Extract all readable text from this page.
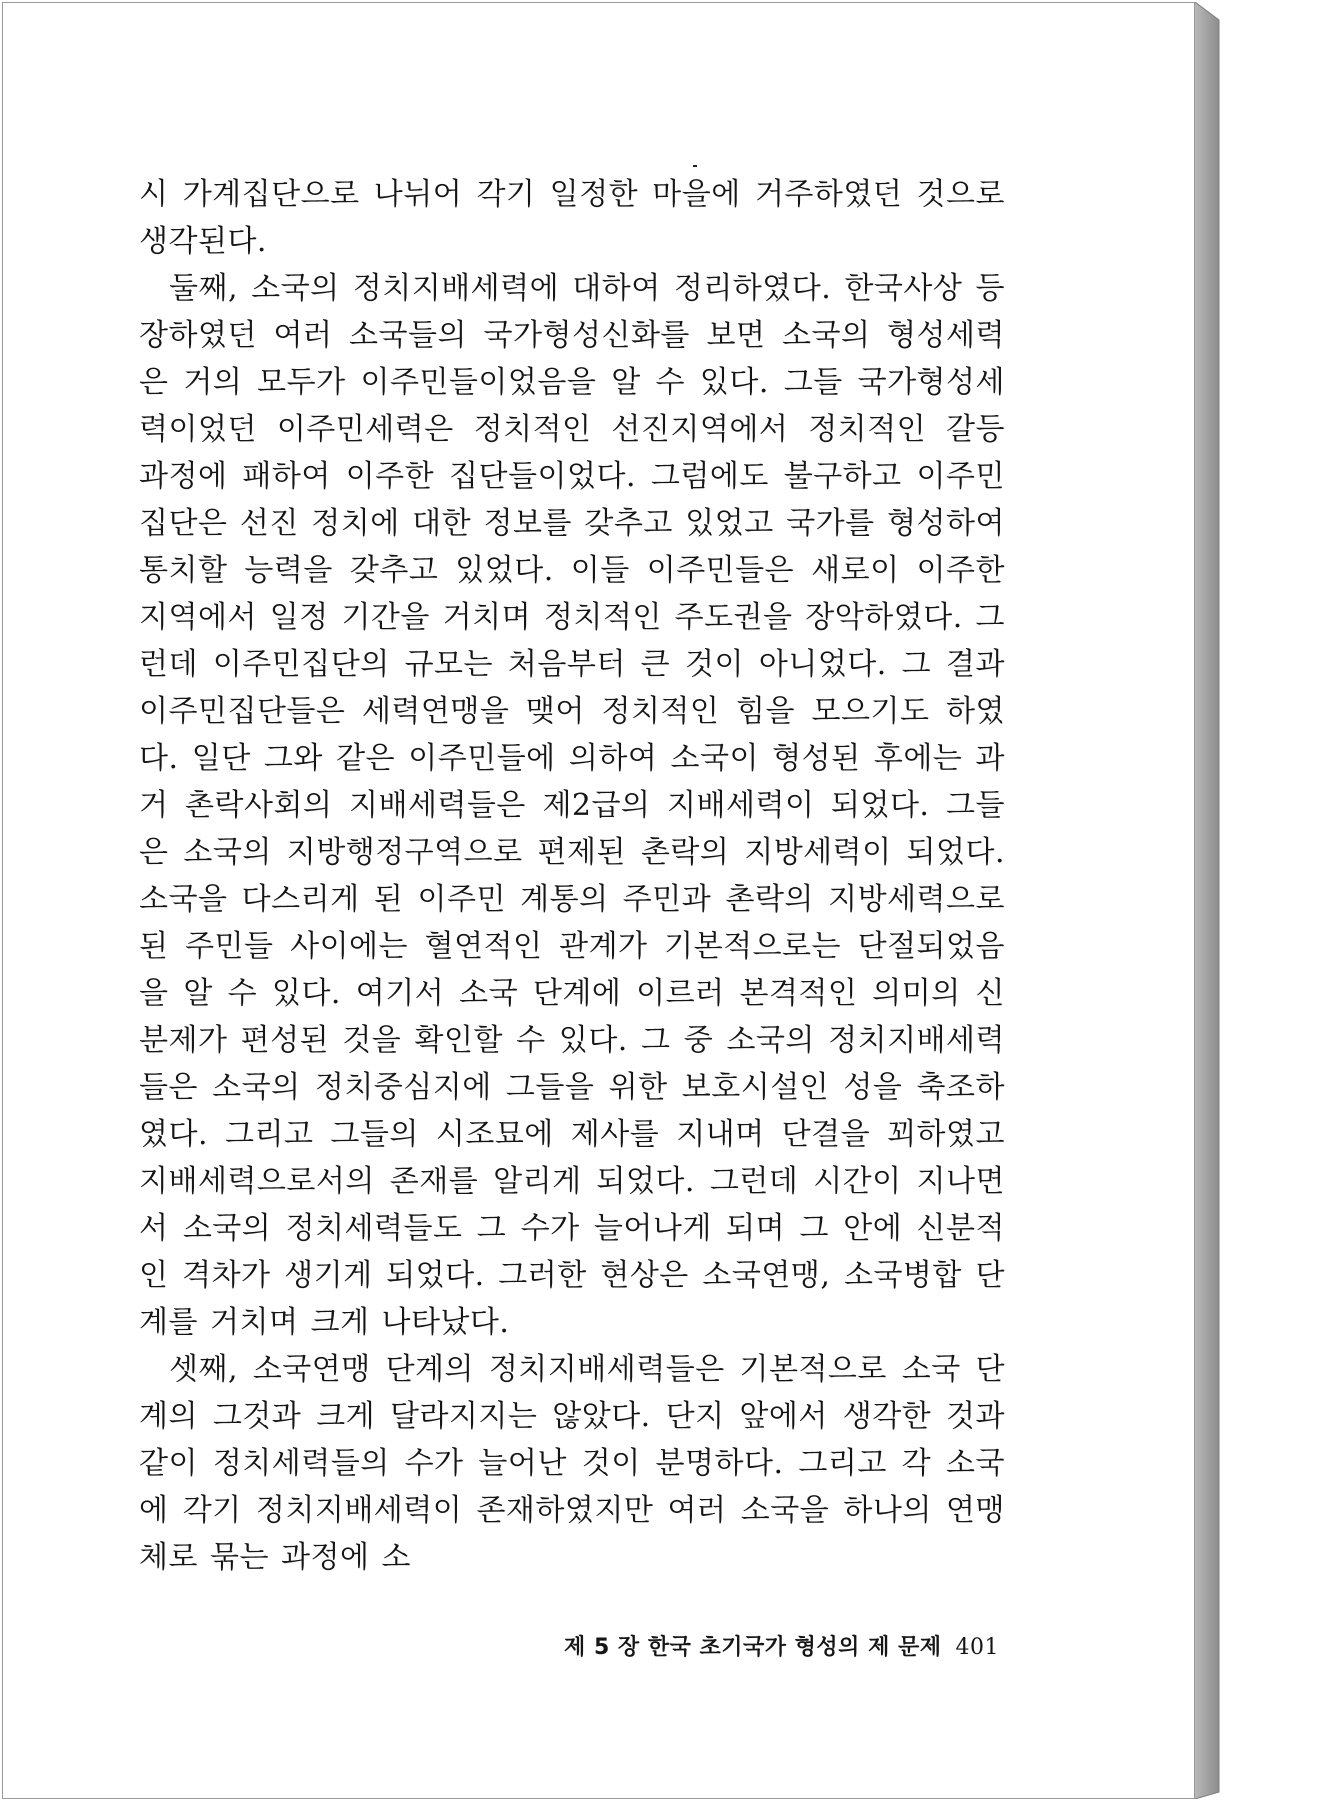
시 가계집단으로 나뉘어 각기 일정한 마을에 거주하였던 것으로 생각된다.

둘째, 소국의 정치지배세력에 대하여 정리하였다. 한국사상 등장하였던 여러 소국들의 국가형성신화를 보면 소국의 형성세력은 거의 모두가 이주민들이었음을 알 수 있다. 그들 국가형성세력이었던 이주민세력은 정치적인 선진지역에서 정치적인 갈등 과정에 패하여 이주한 집단들이었다. 그럼에도 불구하고 이주민집단은 선진 정치에 대한 정보를 갖추고 있었고 국가를 형성하여 통치할 능력을 갖추고 있었다. 이들 이주민들은 새로이 이주한 지역에서 일정 기간을 거치며 정치적인 주도권을 장악하였다. 그런데 이주민집단의 규모는 처음부터 큰 것이 아니었다. 그 결과 이주민집단들은 세력연맹을 맺어 정치적인 힘을 모으기도 하였다. 일단 그와 같은 이주민들에 의하여 소국이 형성된 후에는 과거 촌락사회의 지배세력들은 제2급의 지배세력이 되었다. 그들은 소국의 지방행정구역으로 편제된 촌락의 지방세력이 되었다. 소국을 다스리게 된 이주민 계통의 주민과 촌락의 지방세력으로 된 주민들 사이에는 혈연적인 관계가 기본적으로는 단절되었음을 알 수 있다. 여기서 소국 단계에 이르러 본격적인 의미의 신분제가 편성된 것을 확인할 수 있다. 그 중 소국의 정치지배세력들은 소국의 정치중심지에 그들을 위한 보호시설인 성을 축조하였다. 그리고 그들의 시조묘에 제사를 지내며 단결을 꾀하였고 지배세력으로서의 존재를 알리게 되었다. 그런데 시간이 지나면서 소국의 정치세력들도 그 수가 늘어나게 되며 그 안에 신분적인 격차가 생기게 되었다. 그러한 현상은 소국연맹, 소국병합 단계를 거치며 크게 나타났다.

셋째, 소국연맹 단계의 정치지배세력들은 기본적으로 소국 단계의 그것과 크게 달라지지는 않았다. 단지 앞에서 생각한 것과 같이 정치세력들의 수가 늘어난 것이 분명하다. 그리고 각 소국에 각기 정치지배세력이 존재하였지만 여러 소국을 하나의 연맹체로 묶는 과정에 소

제 5 장 한국 초기국가 형성의 제 문제 401
